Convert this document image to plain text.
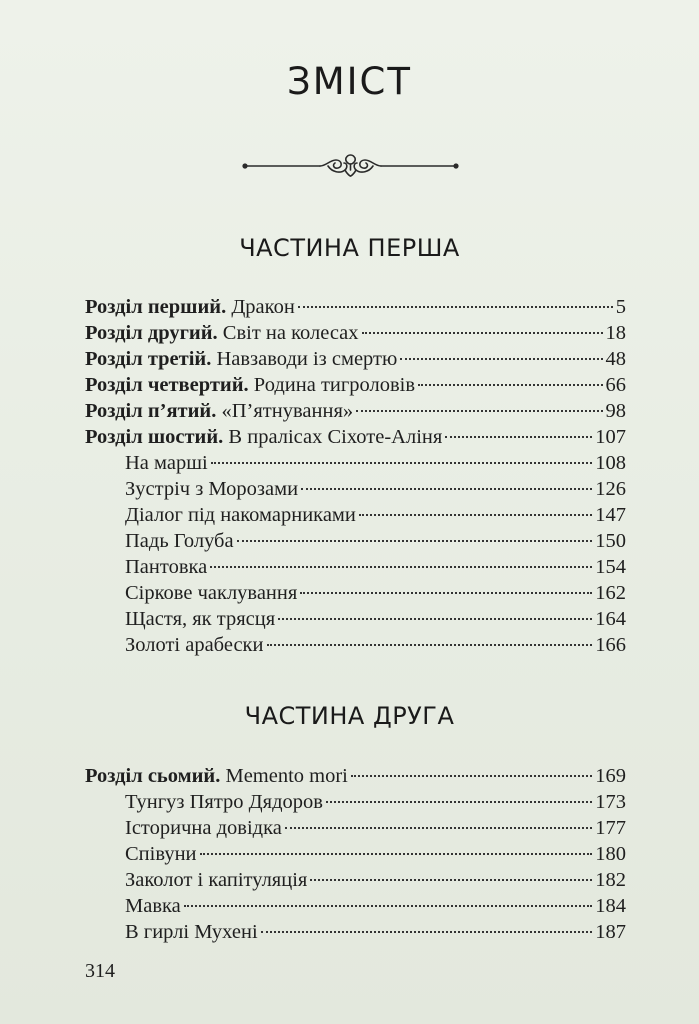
ЗМІСТ
ЧАСТИНА ПЕРША
Розділ перший. Дракон	5
Розділ другий. Світ на колесах	18
Розділ третій. Навзаводи із смертю	48
Розділ четвертий. Родина тигроловів	66
Розділ п’ятий. «П’ятнування»	98
Розділ шостий. В пралісах Сіхоте-Аліня	107
На марші	108
Зустріч з Морозами	126
Діалог під накомарниками	147
Падь Голуба	150
Пантовка	154
Сіркове чаклування	162
Щастя, як трясця	164
Золоті арабески	166
ЧАСТИНА ДРУГА
Розділ сьомий. Memento mori	169
Тунгуз Пятро Дядоров	173
Історична довідка	177
Співуни	180
Заколот і капітуляція	182
Мавка	184
В гирлі Мухені	187
314
